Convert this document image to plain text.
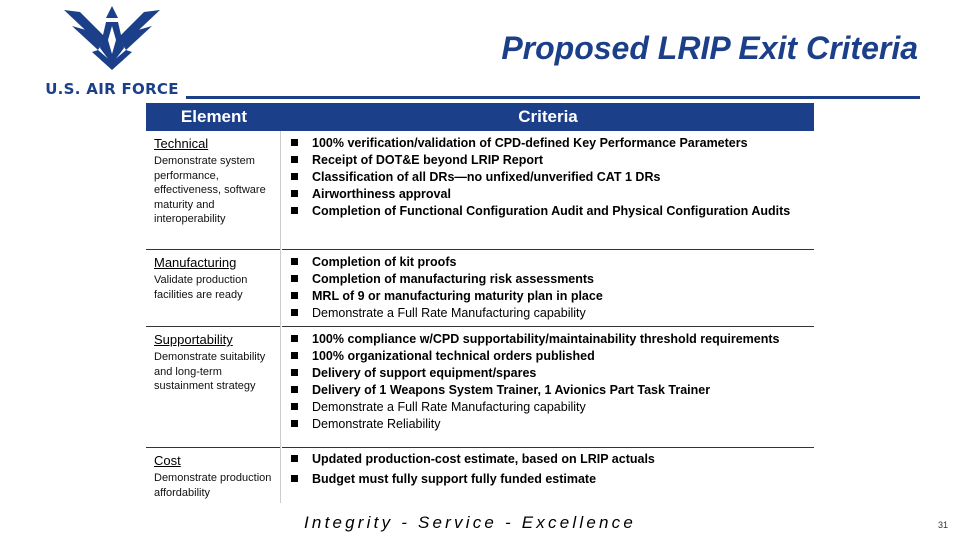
U.S. AIR FORCE
Proposed LRIP Exit Criteria
Element	Criteria
Technical
Demonstrate system performance, effectiveness, software maturity and interoperability
100% verification/validation of CPD-defined Key Performance Parameters
Receipt of DOT&E beyond LRIP Report
Classification of all DRs—no unfixed/unverified CAT 1 DRs
Airworthiness approval
Completion of Functional Configuration Audit and Physical Configuration Audits
Manufacturing
Validate production facilities are ready
Completion of kit proofs
Completion of manufacturing risk assessments
MRL of 9 or manufacturing maturity plan in place
Demonstrate a Full Rate Manufacturing capability
Supportability
Demonstrate suitability and long-term sustainment strategy
100% compliance w/CPD supportability/maintainability threshold requirements
100% organizational technical orders published
Delivery of support equipment/spares
Delivery of 1 Weapons System Trainer, 1 Avionics Part Task Trainer
Demonstrate a Full Rate Manufacturing capability
Demonstrate Reliability
Cost
Demonstrate production affordability
Updated production-cost estimate, based on LRIP actuals
Budget must fully support fully funded estimate
Integrity - Service - Excellence	31
